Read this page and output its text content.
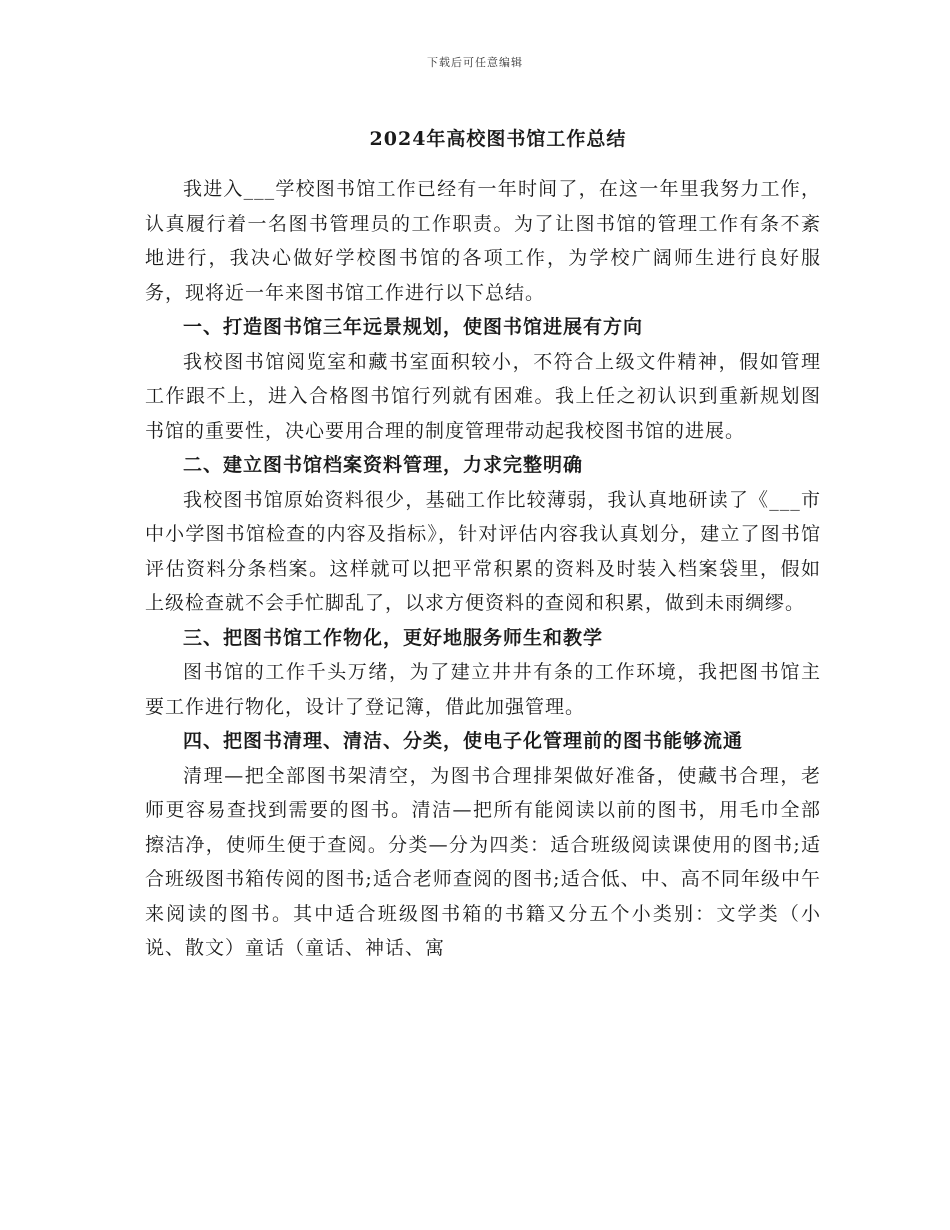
下载后可任意编辑
2024年高校图书馆工作总结

我进入___学校图书馆工作已经有一年时间了，在这一年里我努力工作，认真履行着一名图书管理员的工作职责。为了让图书馆的管理工作有条不紊地进行，我决心做好学校图书馆的各项工作，为学校广阔师生进行良好服务，现将近一年来图书馆工作进行以下总结。

一、打造图书馆三年远景规划，使图书馆进展有方向

我校图书馆阅览室和藏书室面积较小，不符合上级文件精神，假如管理工作跟不上，进入合格图书馆行列就有困难。我上任之初认识到重新规划图书馆的重要性，决心要用合理的制度管理带动起我校图书馆的进展。

二、建立图书馆档案资料管理，力求完整明确

我校图书馆原始资料很少，基础工作比较薄弱，我认真地研读了《___市中小学图书馆检查的内容及指标》，针对评估内容我认真划分，建立了图书馆评估资料分条档案。这样就可以把平常积累的资料及时装入档案袋里，假如上级检查就不会手忙脚乱了，以求方便资料的查阅和积累，做到未雨绸缪。

三、把图书馆工作物化，更好地服务师生和教学

图书馆的工作千头万绪，为了建立井井有条的工作环境，我把图书馆主要工作进行物化，设计了登记簿，借此加强管理。

四、把图书清理、清洁、分类，使电子化管理前的图书能够流通

清理—把全部图书架清空，为图书合理排架做好准备，使藏书合理，老师更容易查找到需要的图书。清洁—把所有能阅读以前的图书，用毛巾全部擦洁净，使师生便于查阅。分类—分为四类：适合班级阅读课使用的图书;适合班级图书箱传阅的图书;适合老师查阅的图书;适合低、中、高不同年级中午来阅读的图书。其中适合班级图书箱的书籍又分五个小类别：文学类（小说、散文）童话（童话、神话、寓
